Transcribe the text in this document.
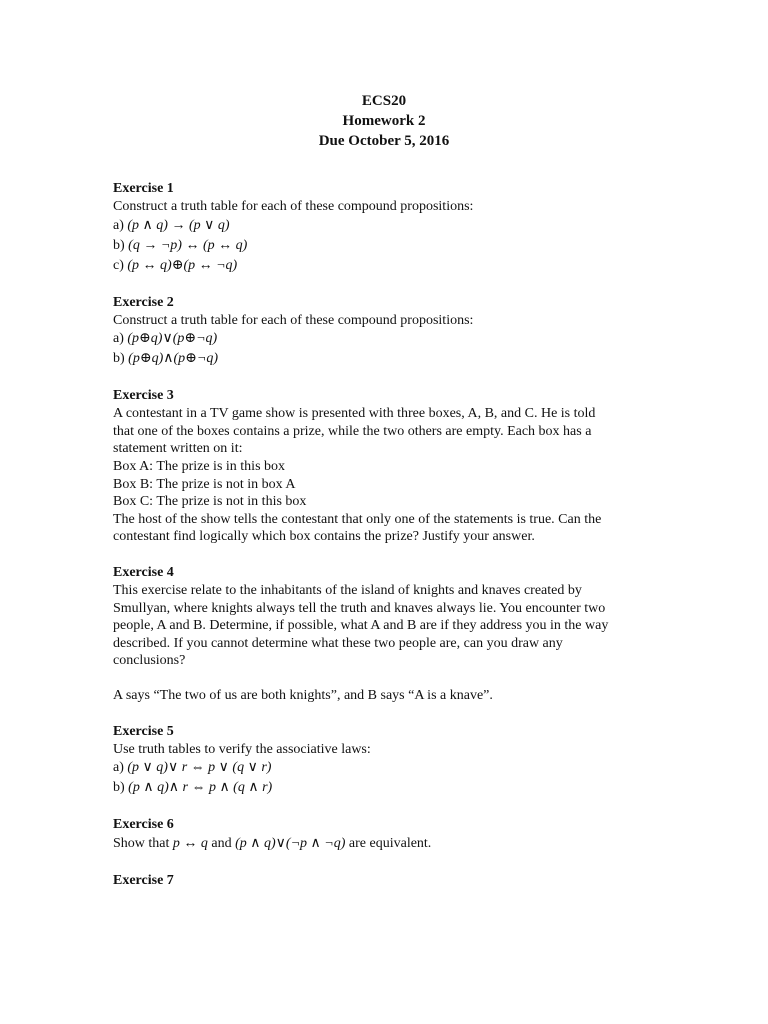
ECS20
Homework 2
Due October 5, 2016
Exercise 1
Construct a truth table for each of these compound propositions:
a) (p ∧ q) → (p ∨ q)
b) (q → ¬p) ↔ (p ↔ q)
c) (p ↔ q)⊕(p ↔ ¬q)
Exercise 2
Construct a truth table for each of these compound propositions:
a) (p⊕q)∨(p⊕¬q)
b) (p⊕q)∧(p⊕¬q)
Exercise 3
A contestant in a TV game show is presented with three boxes, A, B, and C. He is told
that one of the boxes contains a prize, while the two others are empty. Each box has a
statement written on it:
Box A: The prize is in this box
Box B: The prize is not in box A
Box C: The prize is not in this box
The host of the show tells the contestant that only one of the statements is true. Can the
contestant find logically which box contains the prize? Justify your answer.
Exercise 4
This exercise relate to the inhabitants of the island of knights and knaves created by
Smullyan, where knights always tell the truth and knaves always lie. You encounter two
people, A and B. Determine, if possible, what A and B are if they address you in the way
described. If you cannot determine what these two people are, can you draw any
conclusions?
A says “The two of us are both knights”, and B says “A is a knave”.
Exercise 5
Use truth tables to verify the associative laws:
a) (p ∨ q)∨ r ⇔ p ∨ (q ∨ r)
b) (p ∧ q)∧ r ⇔ p ∧ (q ∧ r)
Exercise 6
Show that p ↔ q and (p ∧ q)∨(¬p ∧ ¬q) are equivalent.
Exercise 7
